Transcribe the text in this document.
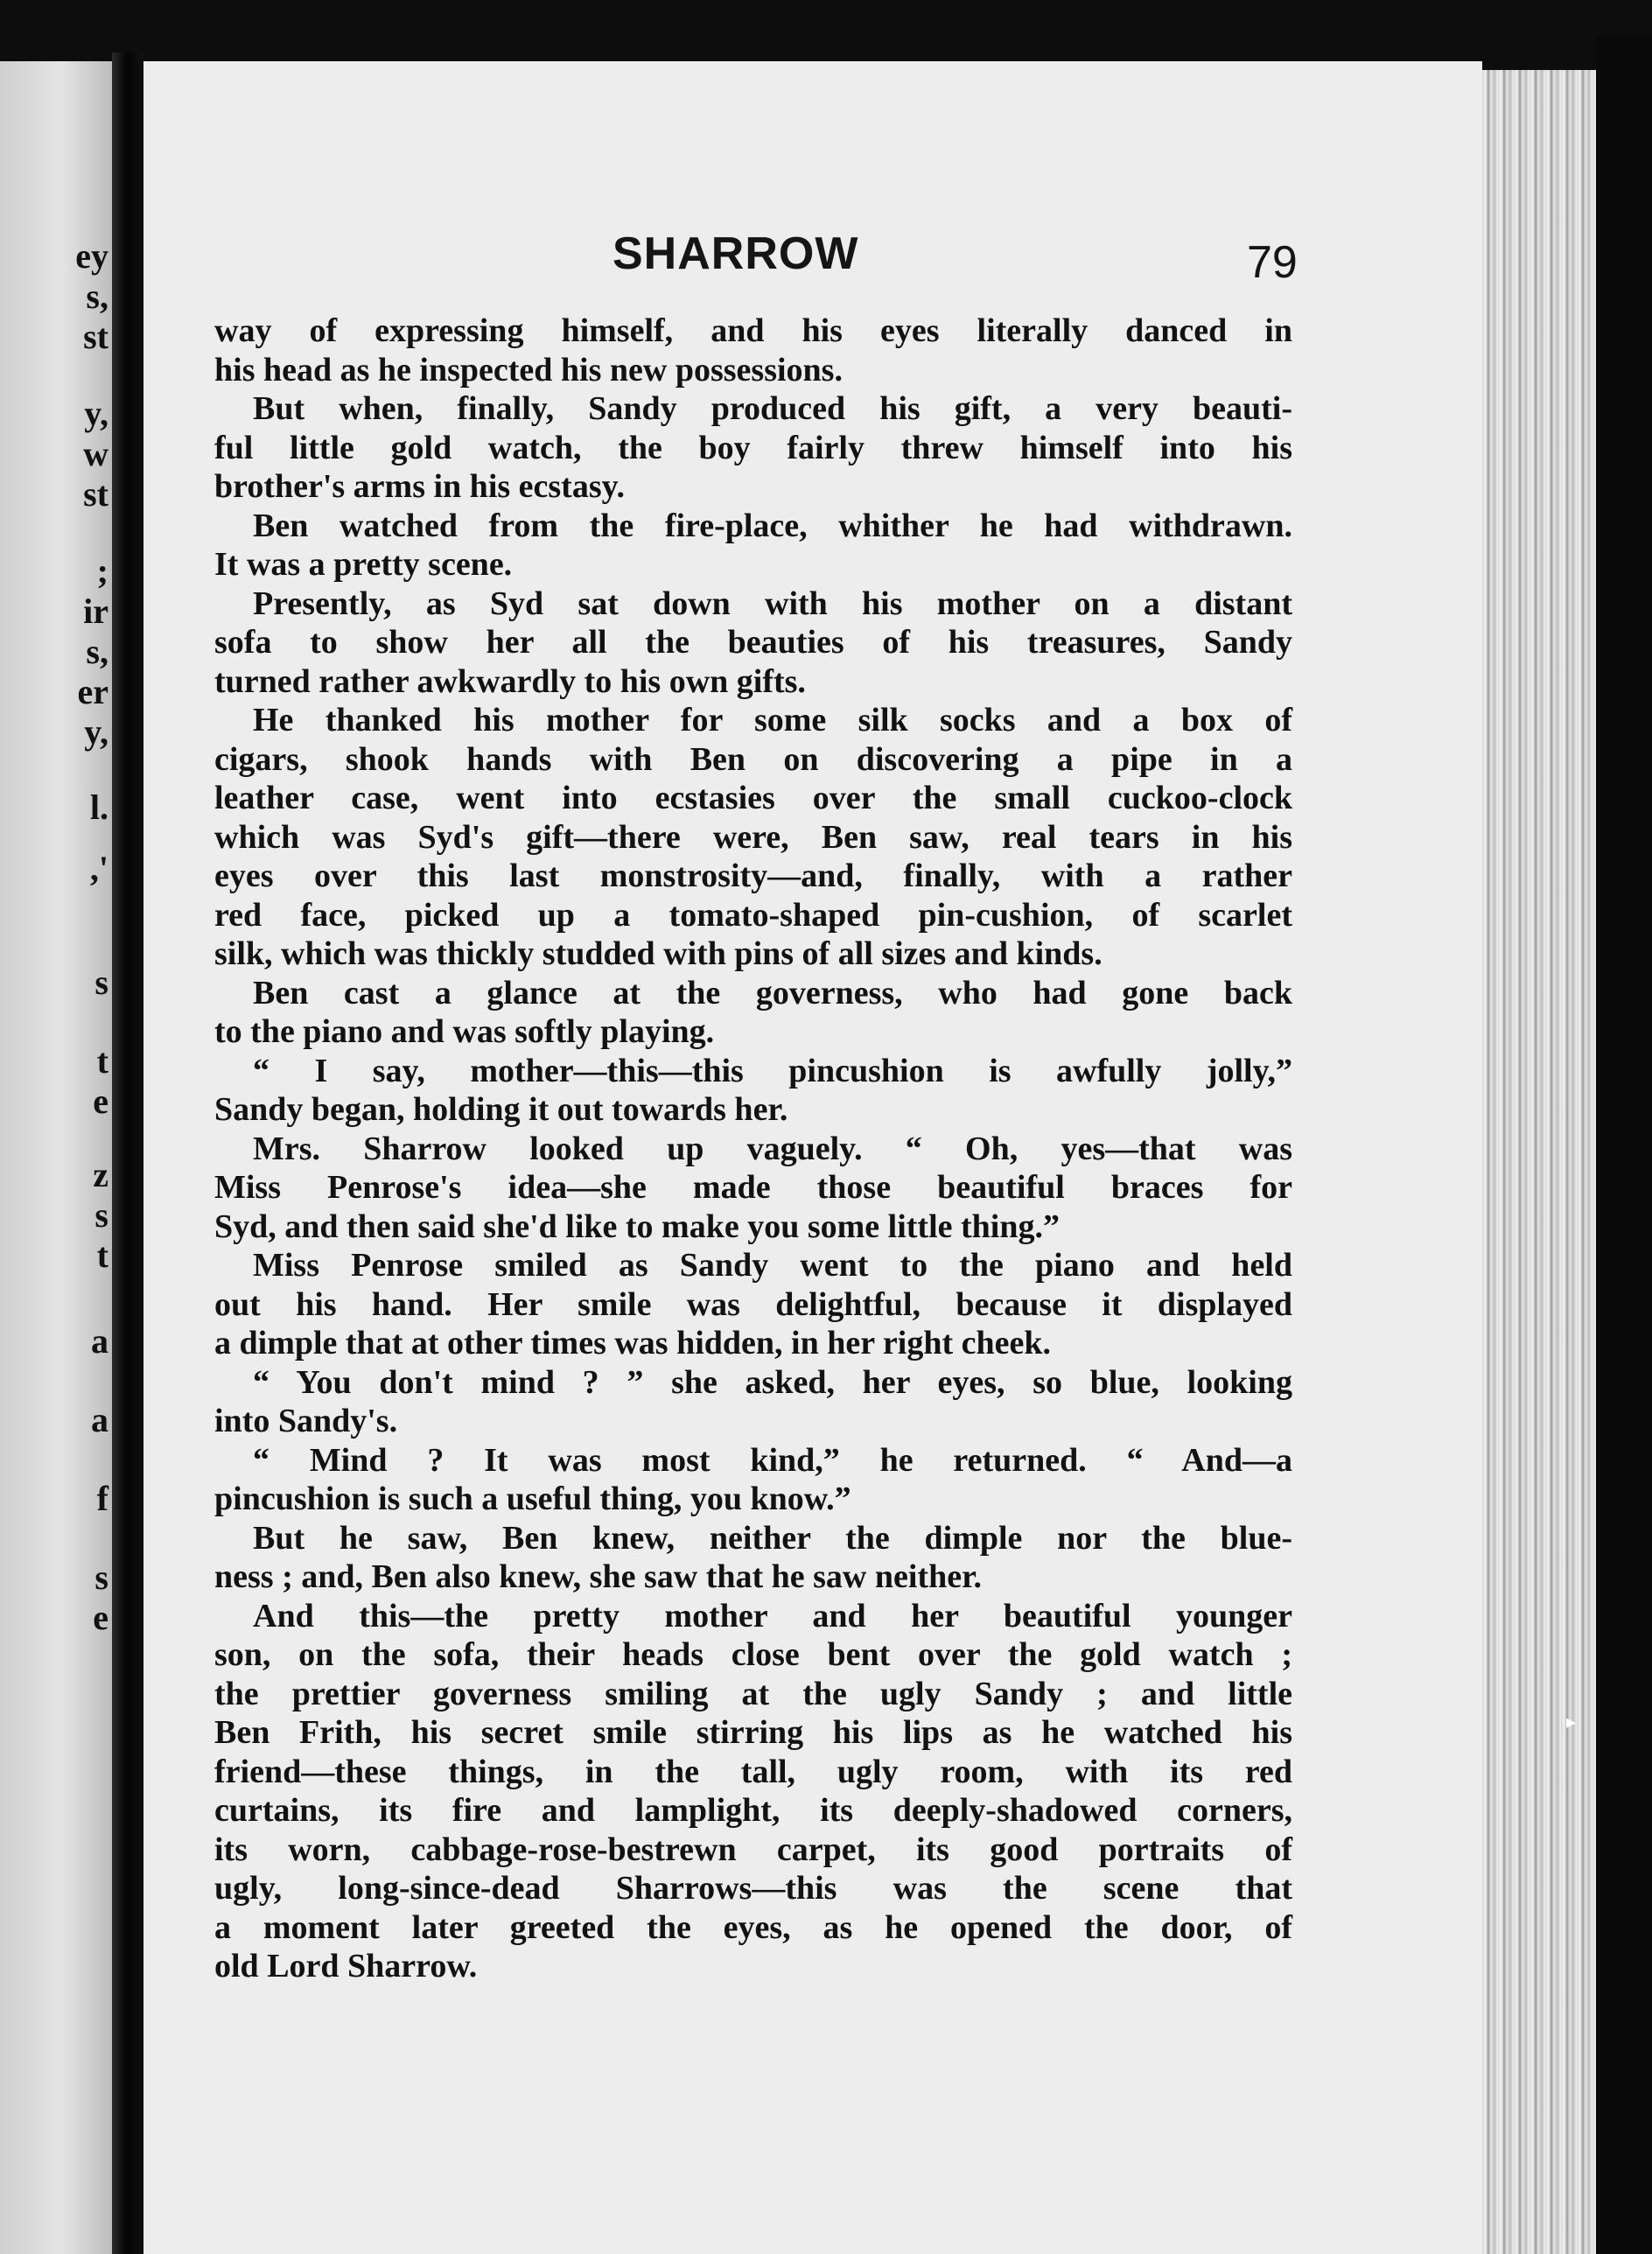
ey
s,
st
y,
w
st
;
ir
s,
er
y,
l.
,'
s
t
e
z
s
t
a
a
f
s
e
▸
SHARROW	79
way of expressing himself, and his eyes literally danced in
his head as he inspected his new possessions.
But when, finally, Sandy produced his gift, a very beauti-
ful little gold watch, the boy fairly threw himself into his
brother's arms in his ecstasy.
Ben watched from the fire-place, whither he had withdrawn.
It was a pretty scene.
Presently, as Syd sat down with his mother on a distant
sofa to show her all the beauties of his treasures, Sandy
turned rather awkwardly to his own gifts.
He thanked his mother for some silk socks and a box of
cigars, shook hands with Ben on discovering a pipe in a
leather case, went into ecstasies over the small cuckoo-clock
which was Syd's gift—there were, Ben saw, real tears in his
eyes over this last monstrosity—and, finally, with a rather
red face, picked up a tomato-shaped pin-cushion, of scarlet
silk, which was thickly studded with pins of all sizes and kinds.
Ben cast a glance at the governess, who had gone back
to the piano and was softly playing.
“ I say, mother—this—this pincushion is awfully jolly,”
Sandy began, holding it out towards her.
Mrs. Sharrow looked up vaguely. “ Oh, yes—that was
Miss Penrose's idea—she made those beautiful braces for
Syd, and then said she'd like to make you some little thing.”
Miss Penrose smiled as Sandy went to the piano and held
out his hand. Her smile was delightful, because it displayed
a dimple that at other times was hidden, in her right cheek.
“ You don't mind ? ” she asked, her eyes, so blue, looking
into Sandy's.
“ Mind ? It was most kind,” he returned. “ And—a
pincushion is such a useful thing, you know.”
But he saw, Ben knew, neither the dimple nor the blue-
ness ; and, Ben also knew, she saw that he saw neither.
And this—the pretty mother and her beautiful younger
son, on the sofa, their heads close bent over the gold watch ;
the prettier governess smiling at the ugly Sandy ; and little
Ben Frith, his secret smile stirring his lips as he watched his
friend—these things, in the tall, ugly room, with its red
curtains, its fire and lamplight, its deeply-shadowed corners,
its worn, cabbage-rose-bestrewn carpet, its good portraits of
ugly, long-since-dead Sharrows—this was the scene that
a moment later greeted the eyes, as he opened the door, of
old Lord Sharrow.
